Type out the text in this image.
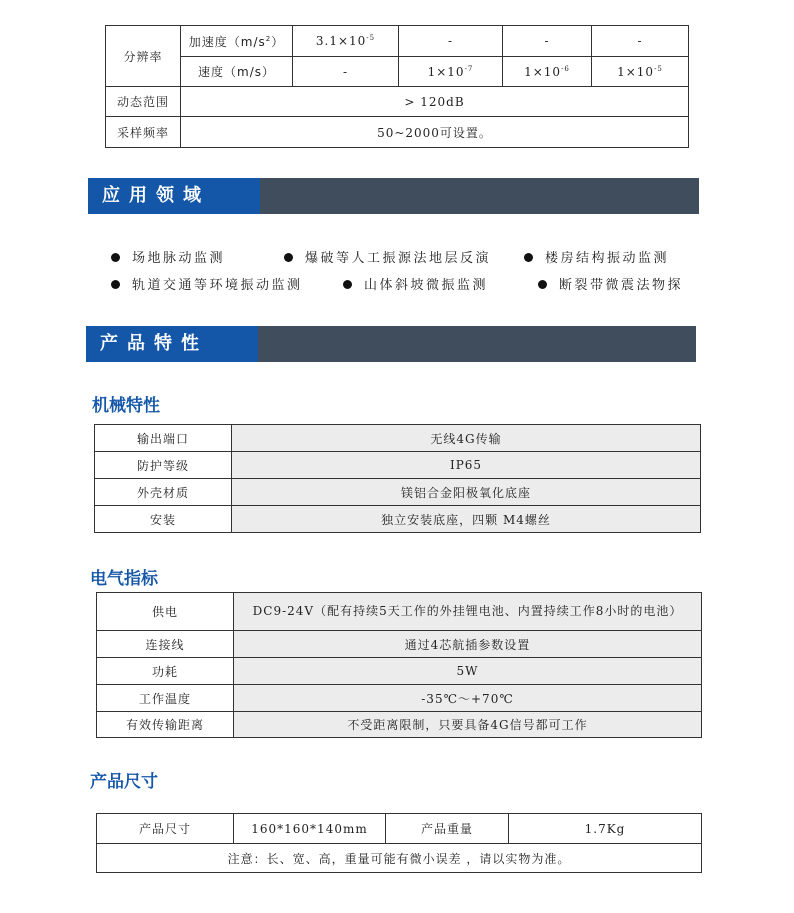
分辨率	加速度$(m/s^2)$	$3.1\times 10^{-5}$	-	-	-
	速度（m/s）	-	$1\times 10^{-7}$	$1\times 10^{-6}$	$1\times 10^{-5}$
动态范围	> 120dB				
采样频率	50~2000可设置。				
应用领域
场地脉动监测	爆破等人工振源法地层反演	楼房结构振动监测
轨道交通等环境振动监测	山体斜坡微振监测	断裂带微震法物探
产品特性
机械特性
输出端口	无线4G传输
防护等级	IP65
外壳材质	镁铝合金阳极氧化底座
安装	独立安装底座，四颗 M4螺丝
电气指标
供电	DC9-24V（配有持续5天工作的外挂锂电池、内置持续工作8小时的电池）
连接线	通过4芯航插参数设置
功耗	5W
工作温度	-35℃～+70℃
有效传输距离	不受距离限制，只要具备4G信号都可工作
产品尺寸
产品尺寸	160*160*140mm	产品重量	1.7Kg
注意：长、宽、高，重量可能有微小误差 ，请以实物为准。
